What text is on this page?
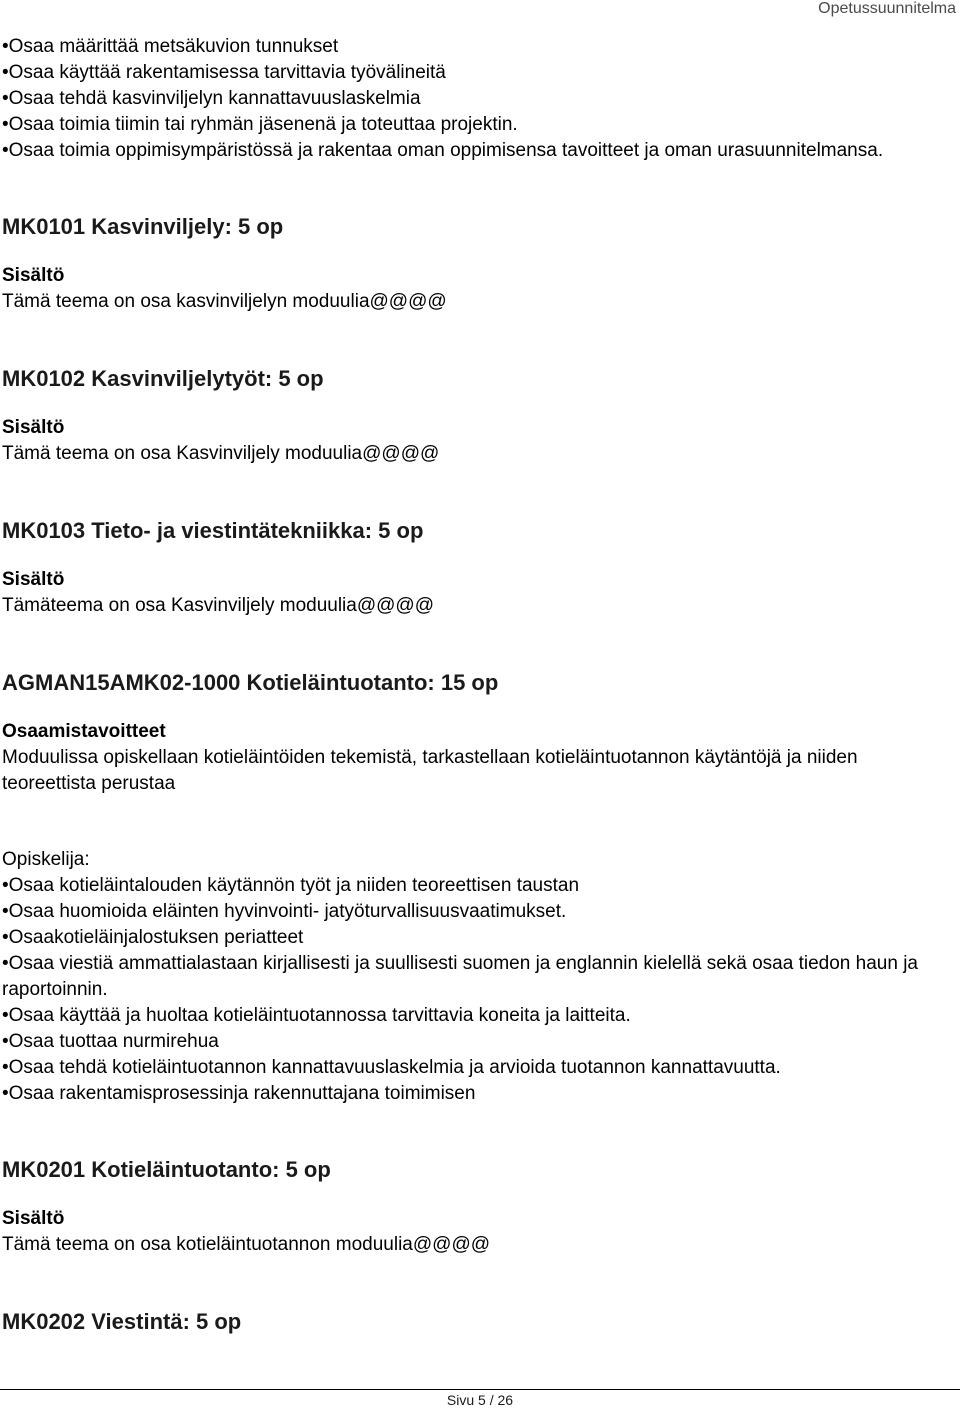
Opetussuunnitelma
•Osaa määrittää metsäkuvion tunnukset
•Osaa käyttää rakentamisessa tarvittavia työvälineitä
•Osaa tehdä kasvinviljelyn kannattavuuslaskelmia
•Osaa toimia tiimin tai ryhmän jäsenenä ja toteuttaa projektin.
•Osaa toimia oppimisympäristössä ja rakentaa oman oppimisensa tavoitteet ja oman urasuunnitelmansa.
MK0101 Kasvinviljely: 5 op
Sisältö

Tämä teema on osa kasvinviljelyn moduulia@@@@

MK0102 Kasvinviljelytyöt: 5 op
Sisältö

Tämä teema on osa Kasvinviljely moduulia@@@@

MK0103 Tieto- ja viestintätekniikka: 5 op
Sisältö

Tämäteema on osa Kasvinviljely moduulia@@@@

AGMAN15AMK02-1000 Kotieläintuotanto: 15 op
Osaamistavoitteet

Moduulissa opiskellaan kotieläintöiden tekemistä, tarkastellaan kotieläintuotannon käytäntöjä ja niiden teoreettista perustaa

Opiskelija:
•Osaa kotieläintalouden käytännön työt ja niiden teoreettisen taustan
•Osaa huomioida eläinten hyvinvointi- jatyöturvallisuusvaatimukset.
•Osaakotieläinjalostuksen periatteet
•Osaa viestiä ammattialastaan kirjallisesti ja suullisesti suomen ja englannin kielellä sekä osaa tiedon haun ja raportoinnin.
•Osaa käyttää ja huoltaa kotieläintuotannossa tarvittavia koneita ja laitteita.
•Osaa tuottaa nurmirehua
•Osaa tehdä kotieläintuotannon kannattavuuslaskelmia ja arvioida tuotannon kannattavuutta.
•Osaa rakentamisprosessinja rakennuttajana toimimisen
MK0201 Kotieläintuotanto: 5 op
Sisältö

Tämä teema on osa kotieläintuotannon moduulia@@@@

MK0202 Viestintä: 5 op
Sivu 5 / 26
